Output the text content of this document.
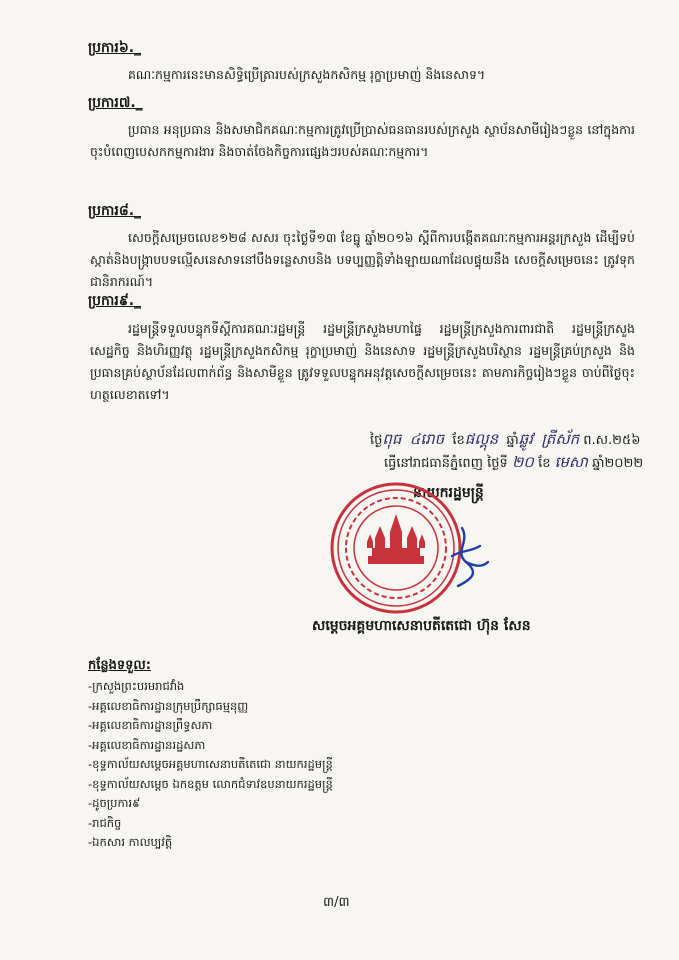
ប្រការ៦._
គណៈកម្មការនេះមានសិទ្ធិប្រើត្រារបស់ក្រសួងកសិកម្ម រុក្ខាប្រមាញ់ និងនេសាទ។
ប្រការ៧._
ប្រធាន អនុប្រធាន និងសមាជិកគណៈកម្មការត្រូវប្រើប្រាស់ធនធានរបស់ក្រសួង ស្ថាប័នសាមីរៀងៗខ្លួន នៅក្នុងការចុះបំពេញបេសកកម្មការងារ និងចាត់ចែងកិច្ចការផ្សេងៗរបស់គណៈកម្មការ។
ប្រការ៨._
សេចក្ដីសម្រេចលេខ១២៨ សសរ ចុះថ្ងៃទី១៣ ខែធ្នូ ឆ្នាំ២០១៦ ស្ដីពីការបង្កើតគណៈកម្មការអន្តរក្រសួង ដើម្បីទប់ស្កាត់និងបង្ក្រាបបទល្មើសនេសាទនៅបឹងទន្លេសាបនិង បទប្បញ្ញត្តិទាំងឡាយណាដែលផ្ទុយនឹង សេចក្ដីសម្រេចនេះ ត្រូវទុកជានិរាករណ៍។
ប្រការ៩._
រដ្ឋមន្ត្រីទទួលបន្ទុកទីស្ដីការគណៈរដ្ឋមន្ត្រី រដ្ឋមន្ត្រីក្រសួងមហាផ្ទៃ រដ្ឋមន្ត្រីក្រសួងការពារជាតិ រដ្ឋមន្ត្រីក្រសួង សេដ្ឋកិច្ច និងហិរញ្ញវត្ថុ រដ្ឋមន្ត្រីក្រសួងកសិកម្ម រុក្ខាប្រមាញ់ និងនេសាទ រដ្ឋមន្ត្រីក្រសួងបរិស្ថាន រដ្ឋមន្ត្រីគ្រប់ក្រសួង និងប្រធានគ្រប់ស្ថាប័នដែលពាក់ព័ន្ធ និងសាមីខ្លួន ត្រូវទទួលបន្ទុកអនុវត្តសេចក្ដីសម្រេចនេះ តាមភារកិច្ចរៀងៗខ្លួន ចាប់ពីថ្ងៃចុះហត្ថលេខាតទៅ។
ថ្ងៃពុធ ៤រោច ខែផល្គុន ឆ្នាំឆ្លូវ ត្រីស័ក ព.ស.២៥៦
ធ្វើនៅរាជធានីភ្នំពេញ ថ្ងៃទី ២០ ខែ មេសា ឆ្នាំ២០២២
នាយករដ្ឋមន្ត្រី
សម្តេចអគ្គមហាសេនាបតីតេជោ ហ៊ុន សែន
កន្លែងទទួល:
-ក្រសួងព្រះបរមរាជវាំង
-អគ្គលេខាធិការដ្ឋានក្រុមប្រឹក្សាធម្មនុញ្ញ
-អគ្គលេខាធិការដ្ឋានព្រឹទ្ធសភា
-អគ្គលេខាធិការដ្ឋានរដ្ឋសភា
-ខុទ្ទកាល័យសម្តេចអគ្គមហាសេនាបតីតេជោ នាយករដ្ឋមន្ត្រី
-ខុទ្ទកាល័យសម្តេច ឯកឧត្តម លោកជំទាវឧបនាយករដ្ឋមន្ត្រី
-ដូចប្រការ៩
-រាជកិច្ច
-ឯកសារ កាលប្បវត្តិ
៣/៣
